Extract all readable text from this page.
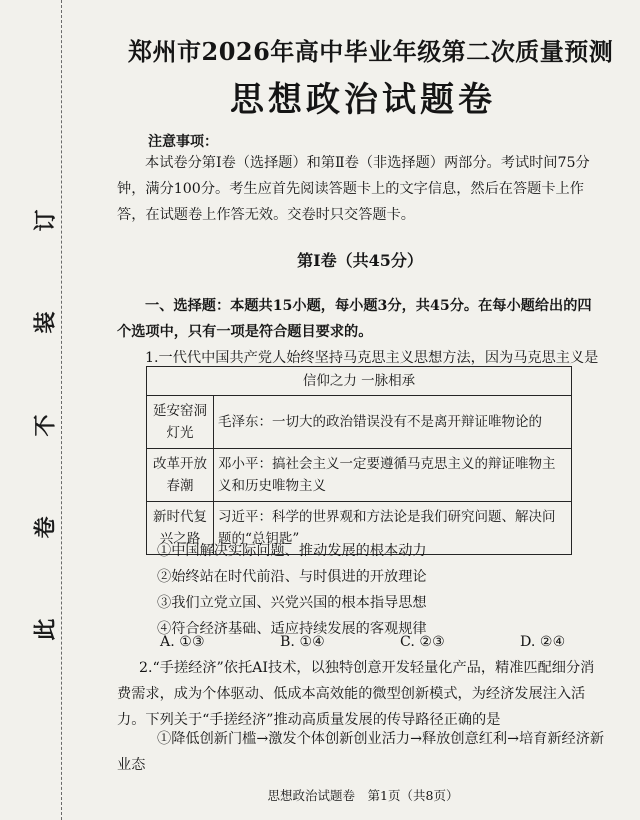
此
卷
不
装
订
郑州市2026年高中毕业年级第二次质量预测
思想政治试题卷
注意事项：
本试卷分第Ⅰ卷（选择题）和第Ⅱ卷（非选择题）两部分。考试时间75分钟，满分100分。考生应首先阅读答题卡上的文字信息，然后在答题卡上作答，在试题卷上作答无效。交卷时只交答题卡。
第Ⅰ卷（共45分）
一、选择题：本题共15小题，每小题3分，共45分。在每小题给出的四个选项中，只有一项是符合题目要求的。
1.一代代中国共产党人始终坚持马克思主义思想方法，因为马克思主义是
信仰之力 一脉相承	
延安窑洞灯光	毛泽东：一切大的政治错误没有不是离开辩证唯物论的
改革开放春潮	邓小平：搞社会主义一定要遵循马克思主义的辩证唯物主义和历史唯物主义
新时代复兴之路	习近平：科学的世界观和方法论是我们研究问题、解决问题的“总钥匙”
①中国解决实际问题、推动发展的根本动力
②始终站在时代前沿、与时俱进的开放理论
③我们立党立国、兴党兴国的根本指导思想
④符合经济基础、适应持续发展的客观规律
A. ①③	B. ①④	C. ②③	D. ②④
2.“手搓经济”依托AI技术，以独特创意开发轻量化产品，精准匹配细分消费需求，成为个体驱动、低成本高效能的微型创新模式，为经济发展注入活力。下列关于“手搓经济”推动高质量发展的传导路径正确的是
①降低创新门槛→激发个体创新创业活力→释放创意红利→培育新经济新业态
思想政治试题卷　第1页（共8页）
